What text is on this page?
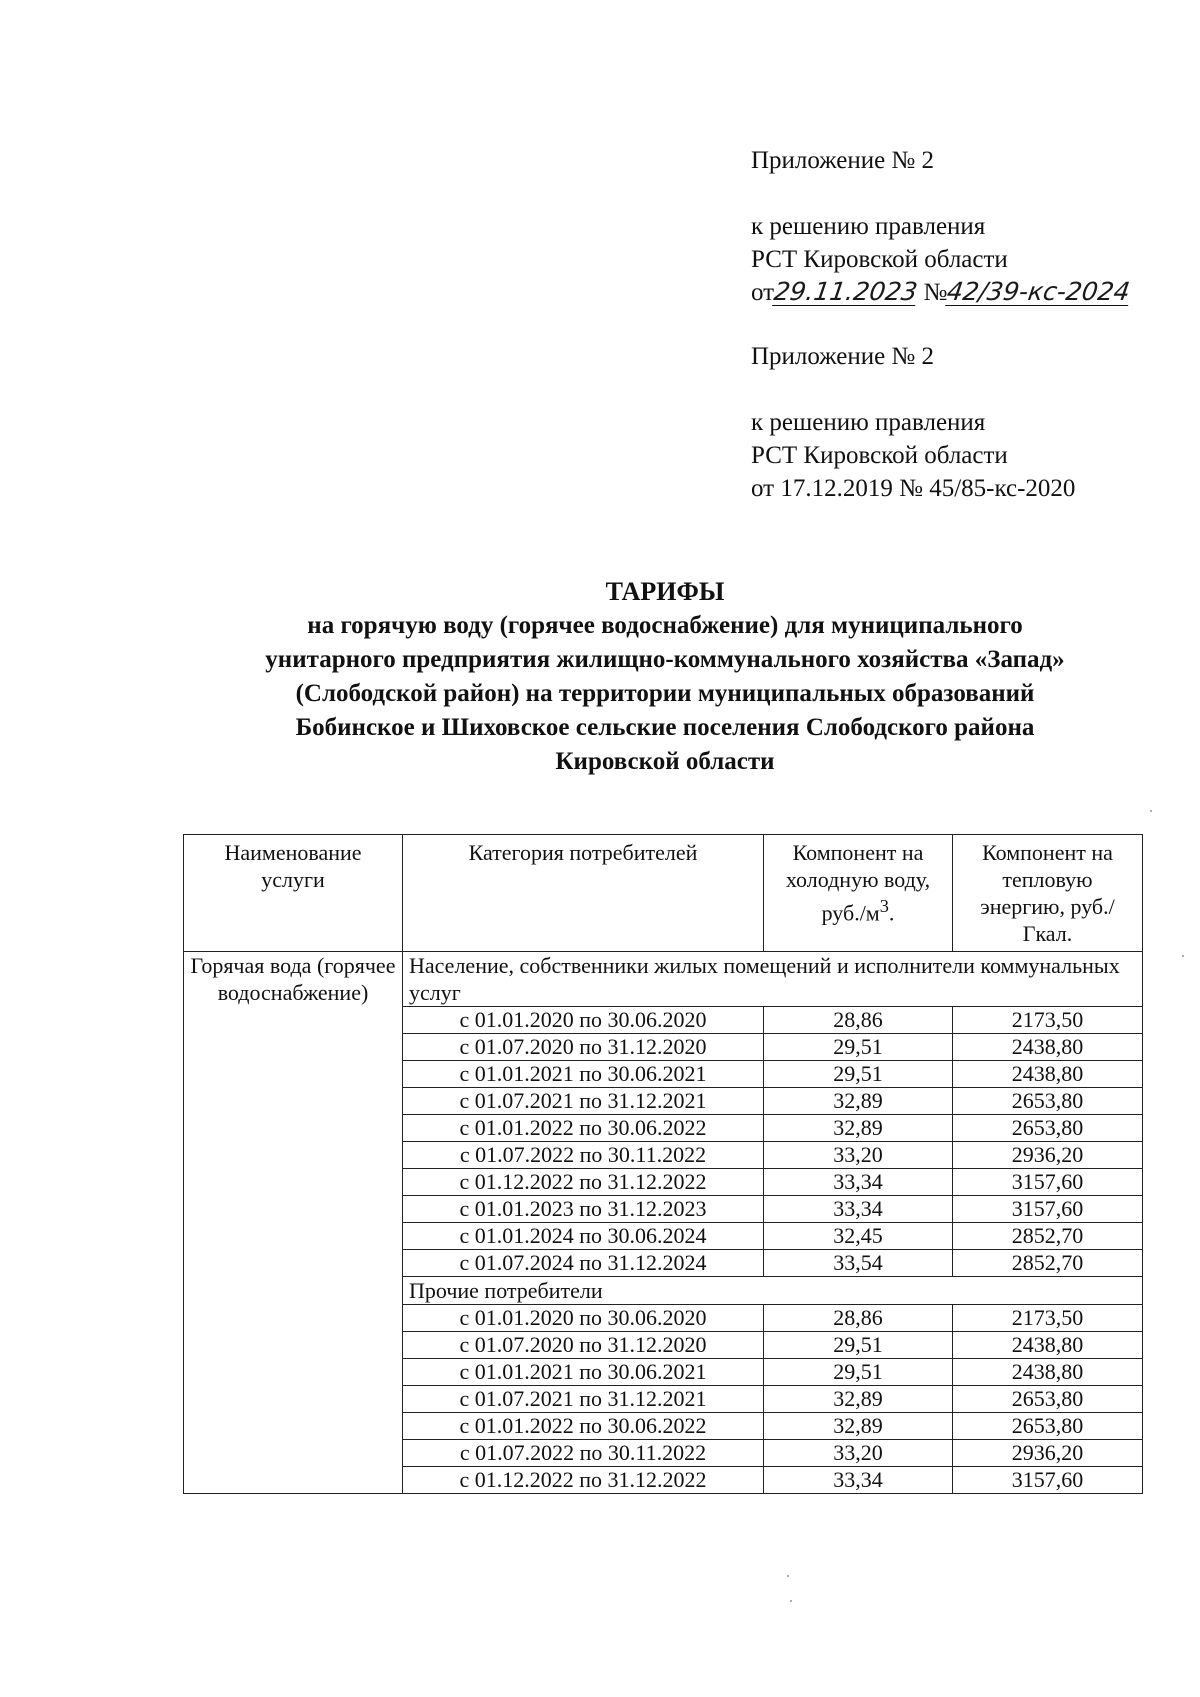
Приложение № 2

к решению правления

РСТ Кировской области

от29.11.2023 №42/39-кс-2024

Приложение № 2

к решению правления

РСТ Кировской области

от 17.12.2019 № 45/85-кс-2020

ТАРИФЫ

на горячую воду (горячее водоснабжение) для муниципального

унитарного предприятия жилищно-коммунального хозяйства «Запад»

(Слободской район) на территории муниципальных образований

Бобинское и Шиховское сельские поселения Слободского района

Кировской области

Наименование услуги	Категория потребителей	Компонент на холодную воду, $руб./м^3$.	Компонент на тепловую энергию, руб./Гкал.
Горячая вода (горячее водоснабжение)	Население, собственники жилых помещений и исполнители коммунальных услуг		
	с 01.01.2020 по 30.06.2020	28,86	2173,50
	с 01.07.2020 по 31.12.2020	29,51	2438,80
	с 01.01.2021 по 30.06.2021	29,51	2438,80
	с 01.07.2021 по 31.12.2021	32,89	2653,80
	с 01.01.2022 по 30.06.2022	32,89	2653,80
	с 01.07.2022 по 30.11.2022	33,20	2936,20
	с 01.12.2022 по 31.12.2022	33,34	3157,60
	с 01.01.2023 по 31.12.2023	33,34	3157,60
	с 01.01.2024 по 30.06.2024	32,45	2852,70
	с 01.07.2024 по 31.12.2024	33,54	2852,70
	Прочие потребители		
	с 01.01.2020 по 30.06.2020	28,86	2173,50
	с 01.07.2020 по 31.12.2020	29,51	2438,80
	с 01.01.2021 по 30.06.2021	29,51	2438,80
	с 01.07.2021 по 31.12.2021	32,89	2653,80
	с 01.01.2022 по 30.06.2022	32,89	2653,80
	с 01.07.2022 по 30.11.2022	33,20	2936,20
	с 01.12.2022 по 31.12.2022	33,34	3157,60
